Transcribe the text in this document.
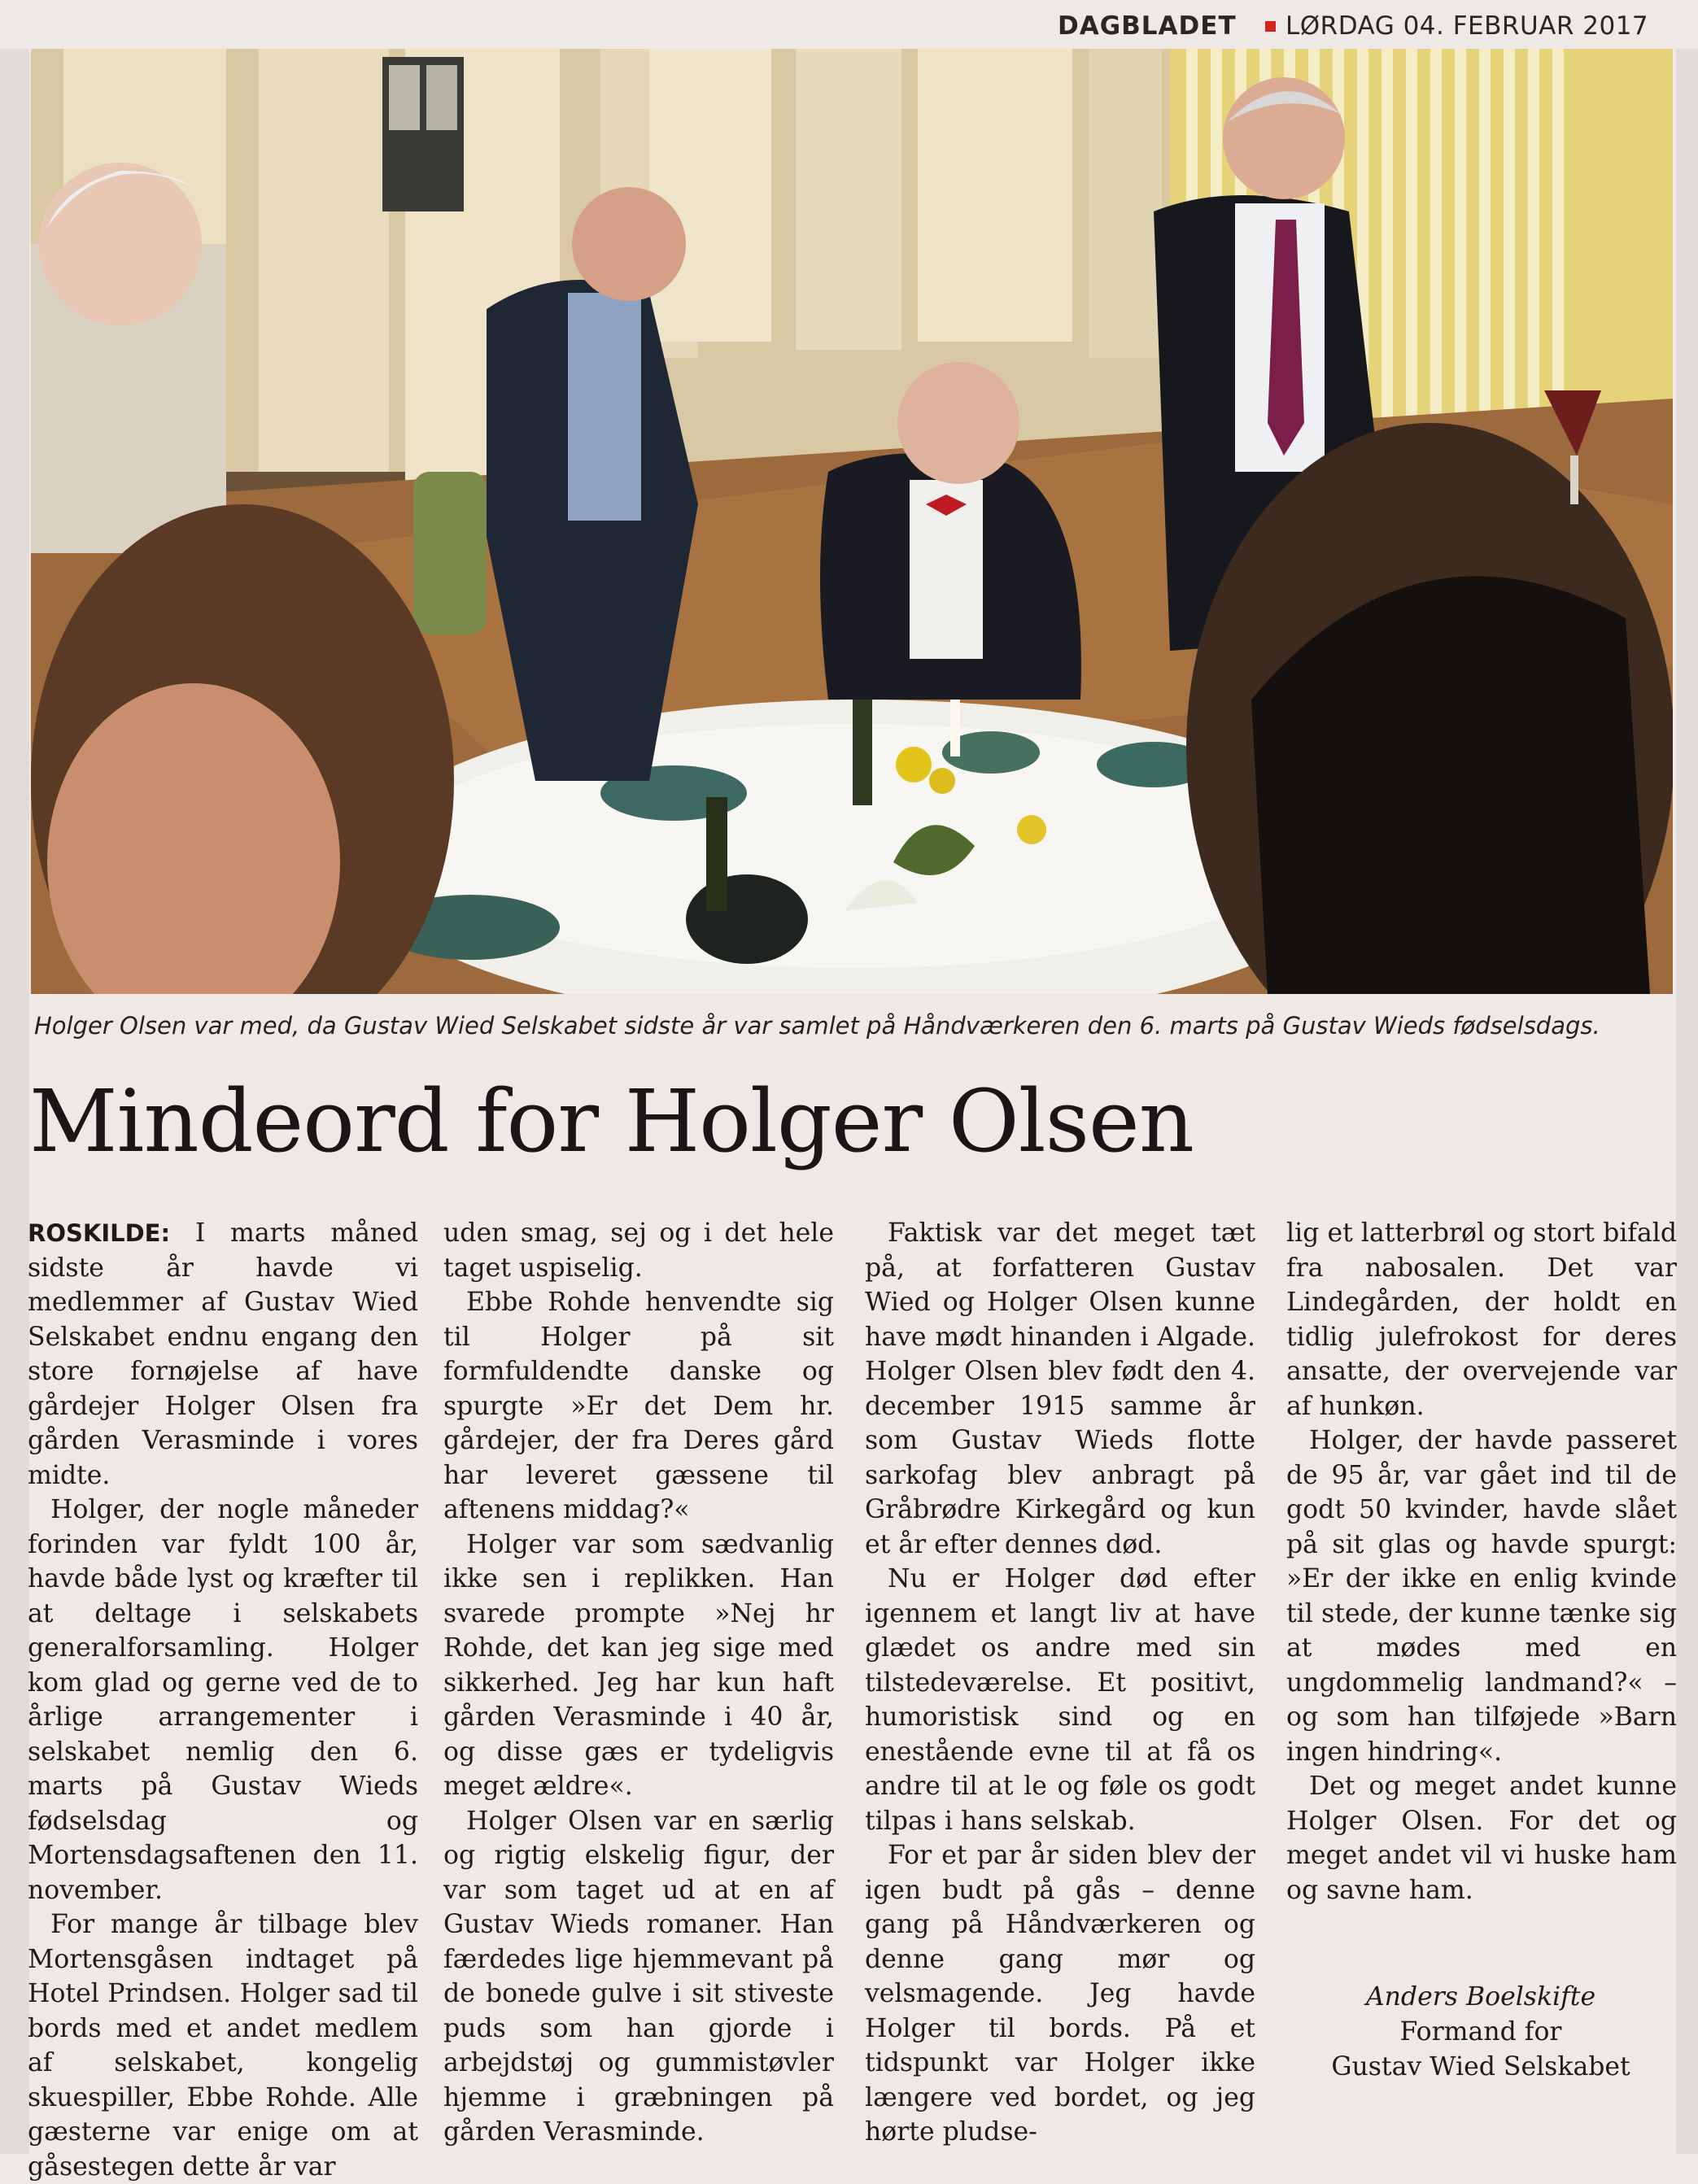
DAGBLADET LØRDAG 04. FEBRUAR 2017
Holger Olsen var med, da Gustav Wied Selskabet sidste år var samlet på Håndværkeren den 6. marts på Gustav Wieds fødselsdags.
Mindeord for Holger Olsen

ROSKILDE: I marts måned sidste år havde vi medlemmer af Gustav Wied Selskabet endnu engang den store fornøjelse af have gårdejer Holger Olsen fra gården Verasminde i vores midte.

Holger, der nogle måneder forinden var fyldt 100 år, havde både lyst og kræfter til at deltage i selskabets generalforsamling. Holger kom glad og gerne ved de to årlige arrangementer i selskabet nemlig den 6. marts på Gustav Wieds fødselsdag og Mortensdagsaftenen den 11. november.

For mange år tilbage blev Mortensgåsen indtaget på Hotel Prindsen. Holger sad til bords med et andet medlem af selskabet, kongelig skuespiller, Ebbe Rohde. Alle gæsterne var enige om at gåsestegen dette år var

uden smag, sej og i det hele taget uspiselig.

Ebbe Rohde henvendte sig til Holger på sit formfuldendte danske og spurgte »Er det Dem hr. gårdejer, der fra Deres gård har leveret gæssene til aftenens middag?«

Holger var som sædvanlig ikke sen i replikken. Han svarede prompte »Nej hr Rohde, det kan jeg sige med sikkerhed. Jeg har kun haft gården Verasminde i 40 år, og disse gæs er tydeligvis meget ældre«.

Holger Olsen var en særlig og rigtig elskelig figur, der var som taget ud at en af Gustav Wieds romaner. Han færdedes lige hjemmevant på de bonede gulve i sit stiveste puds som han gjorde i arbejdstøj og gummistøvler hjemme i græbningen på gården Verasminde.

Faktisk var det meget tæt på, at forfatteren Gustav Wied og Holger Olsen kunne have mødt hinanden i Algade. Holger Olsen blev født den 4. december 1915 samme år som Gustav Wieds flotte sarkofag blev anbragt på Gråbrødre Kirkegård og kun et år efter dennes død.

Nu er Holger død efter igennem et langt liv at have glædet os andre med sin tilstedeværelse. Et positivt, humoristisk sind og en enestående evne til at få os andre til at le og føle os godt tilpas i hans selskab.

For et par år siden blev der igen budt på gås – denne gang på Håndværkeren og denne gang mør og velsmagende. Jeg havde Holger til bords. På et tidspunkt var Holger ikke længere ved bordet, og jeg hørte pludse-

lig et latterbrøl og stort bifald fra nabosalen. Det var Lindegården, der holdt en tidlig julefrokost for deres ansatte, der overvejende var af hunkøn.

Holger, der havde passeret de 95 år, var gået ind til de godt 50 kvinder, havde slået på sit glas og havde spurgt: »Er der ikke en enlig kvinde til stede, der kunne tænke sig at mødes med en ungdommelig landmand?« – og som han tilføjede »Barn ingen hindring«.

Det og meget andet kunne Holger Olsen. For det og meget andet vil vi huske ham og savne ham.

Anders Boelskifte
Formand for
Gustav Wied Selskabet
